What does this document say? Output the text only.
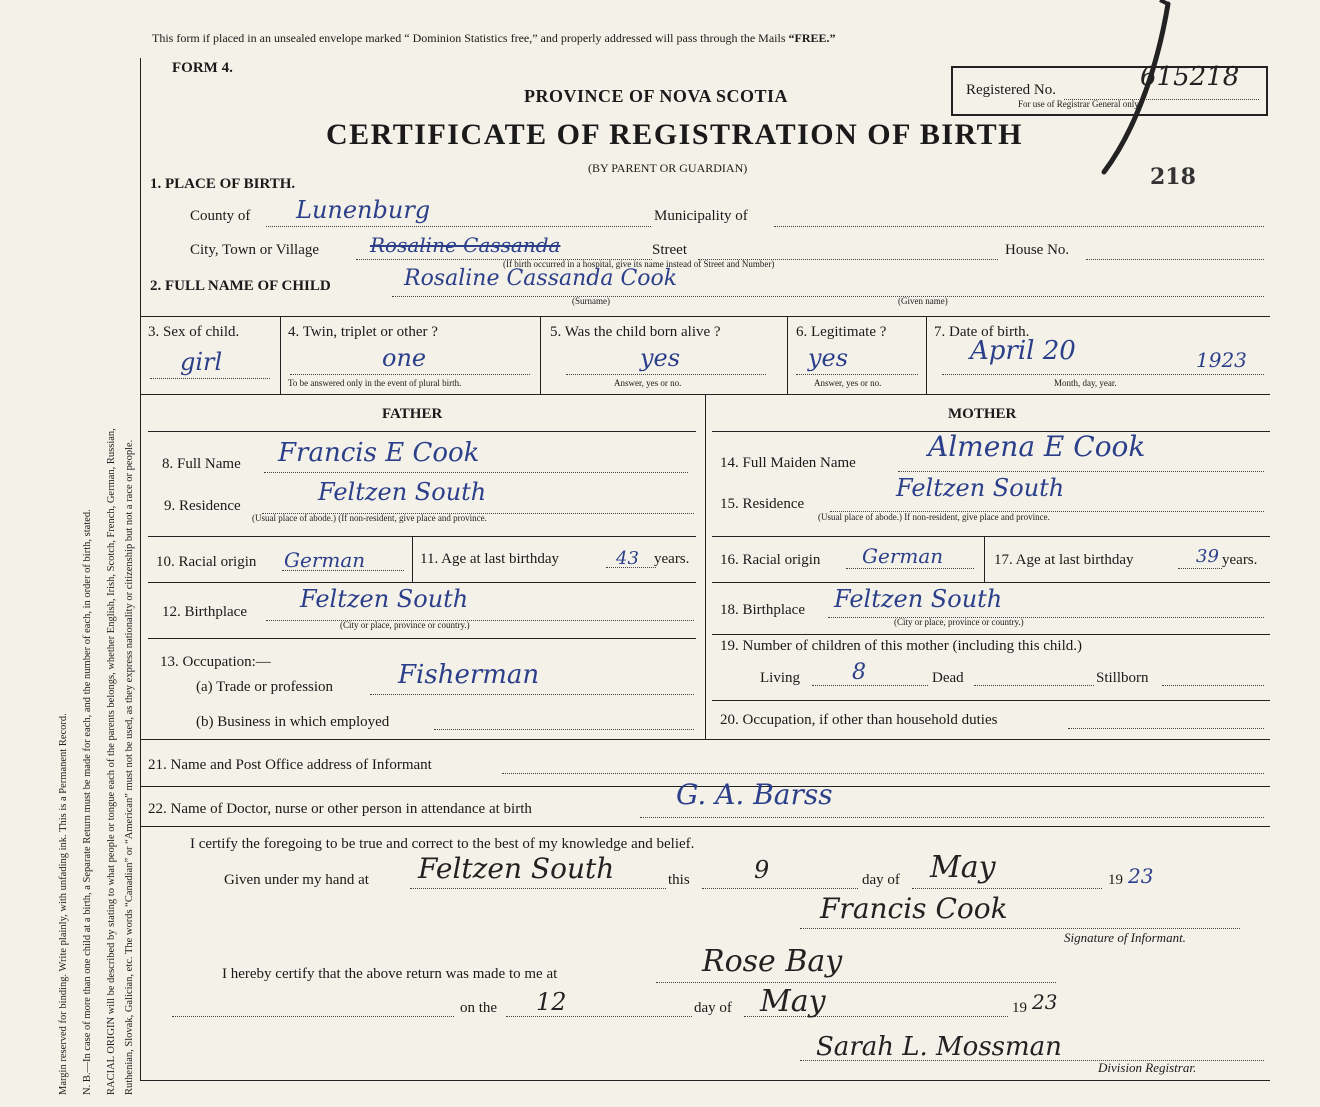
Margin reserved for binding. Write plainly, with unfading ink. This is a Permanent Record. N. B.—In case of more than one child at a birth, a Separate Return must be made for each, and the number of each, in order of birth, stated. RACIAL ORIGIN will be described by stating to what people or tongue each of the parents belongs, whether English, Irish, Scotch, French, German, Russian, Ruthenian, Slovak, Galician, etc. The words “Canadian” or “American” must not be used, as they express nationality or citizenship but not a race or people.
This form if placed in an unsealed envelope marked “ Dominion Statistics free,” and properly addressed will pass through the Mails “FREE.”
FORM 4.
PROVINCE OF NOVA SCOTIA
CERTIFICATE OF REGISTRATION OF BIRTH
(BY PARENT OR GUARDIAN)
Registered No.	615218
For use of Registrar General only.
218
1. PLACE OF BIRTH.
County of Lunenburg	Municipality of
City, Town or Village	Rosaline Cassanda	Street	House No.
(If birth occurred in a hospital, give its name instead of Street and Number)
2. FULL NAME OF CHILD	Rosaline Cassanda Cook
(Surname)	(Given name)
3. Sex of child.
girl
4. Twin, triplet or other ?
one
To be answered only in the event of plural birth.
5. Was the child born alive ?
yes
Answer, yes or no.
6. Legitimate ?
yes
Answer, yes or no.
7. Date of birth.
April 20	1923
Month, day, year.
FATHER	MOTHER
8. Full Name Francis E Cook
9. Residence	Feltzen South
(Usual place of abode.) (If non-resident, give place and province.
10. Racial origin German	11. Age at last birthday	43 years.
12. Birthplace Feltzen South
(City or place, province or country.)
13. Occupation:—
(a) Trade or profession Fisherman
(b) Business in which employed
14. Full Maiden Name	Almena E Cook
15. Residence
Feltzen South
(Usual place of abode.) If non-resident, give place and province.
16. Racial origin German	17. Age at last birthday	39 years.
18. Birthplace Feltzen South
(City or place, province or country.)
19. Number of children of this mother (including this child.)
Living 8	Dead	Stillborn
20. Occupation, if other than household duties
21. Name and Post Office address of Informant
22. Name of Doctor, nurse or other person in attendance at birth	G. A. Barss
I certify the foregoing to be true and correct to the best of my knowledge and belief.
Given under my hand at Feltzen South	this	9	day of May	19 23
Francis Cook
Signature of Informant.
I hereby certify that the above return was made to me at	Rose Bay
on the 12	day of May	19 23
Sarah L. Mossman
Division Registrar.
